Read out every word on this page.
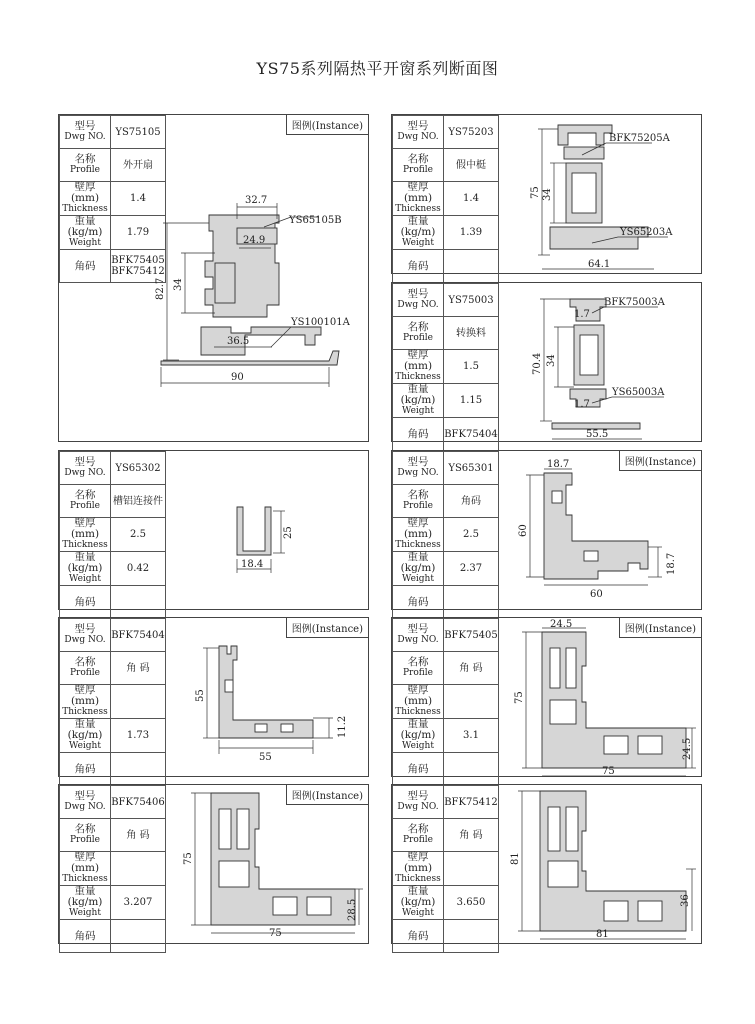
YS75系列隔热平开窗系列断面图
型号
Dwg NO.	YS75105

名称
Profile	外开扇

壁厚 (mm)
Thickness	1.4

重量 (kg/m)
Weight	1.79

角码	BFK75405 BFK75412
图例(Instance)
32.7
24.9
82.7 34
36.5
90
YS65105B
YS100101A
型号
Dwg NO.	YS75203

名称
Profile	假中梃

壁厚 (mm)
Thickness	1.4

重量 (kg/m)
Weight	1.39

角码	

75 34
64.1
BFK75205A
YS65203A
型号
Dwg NO.	YS75003

名称
Profile	转换料

壁厚 (mm)
Thickness	1.5

重量 (kg/m)
Weight	1.15

角码	BFK75404
70.4 34
1.7
1.7
55.5
BFK75003A
YS65003A
型号
Dwg NO.	YS65302

名称
Profile	槽铝连接件

壁厚 (mm)
Thickness	2.5

重量 (kg/m)
Weight	0.42

角码	

25
18.4
型号
Dwg NO.	YS65301

名称
Profile	角码

壁厚 (mm)
Thickness	2.5

重量 (kg/m)
Weight	2.37

角码	

图例(Instance)
18.7
60
60
18.7
型号
Dwg NO.	BFK75404

名称
Profile	角 码

壁厚 (mm)
Thickness	

重量 (kg/m)
Weight	1.73

角码	

图例(Instance)
55
11.2
55
型号
Dwg NO.	BFK75405

名称
Profile	角 码

壁厚 (mm)
Thickness	

重量 (kg/m)
Weight	3.1

角码	

图例(Instance)
24.5
75
24.5
75
型号
Dwg NO.	BFK75406

名称
Profile	角 码

壁厚 (mm)
Thickness	

重量 (kg/m)
Weight	3.207

角码	

图例(Instance)
75
28.5
75
型号
Dwg NO.	BFK75412

名称
Profile	角 码

壁厚 (mm)
Thickness	

重量 (kg/m)
Weight	3.650

角码	

81
36
81
